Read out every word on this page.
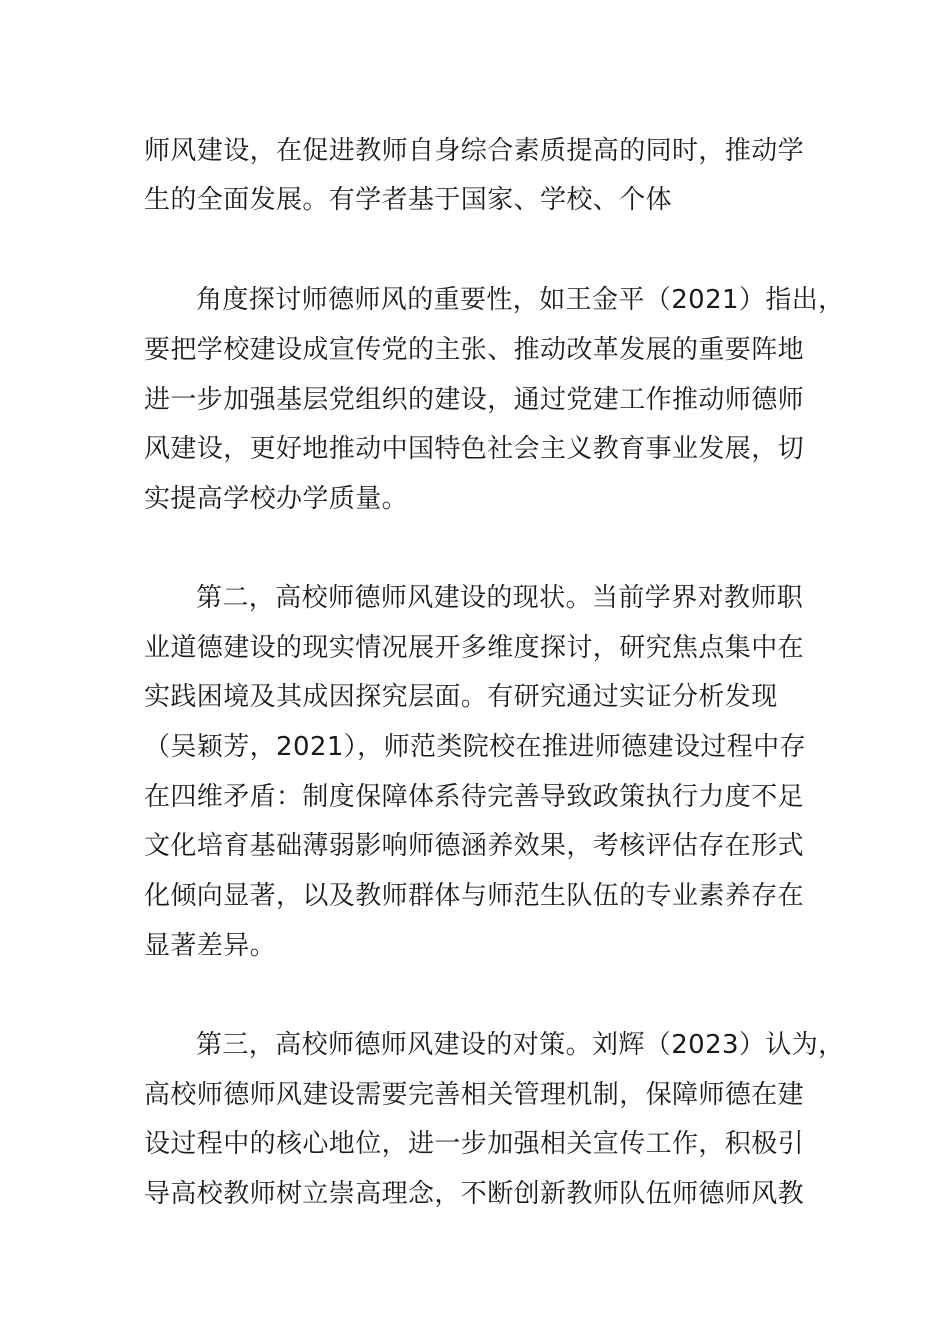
师风建设，在促进教师自身综合素质提高的同时，推动学

生的全面发展。有学者基于国家、学校、个体

角度探讨师德师风的重要性，如王金平（2021）指出，

要把学校建设成宣传党的主张、推动改革发展的重要阵地

进一步加强基层党组织的建设，通过党建工作推动师德师

风建设，更好地推动中国特色社会主义教育事业发展，切

实提高学校办学质量。

第二，高校师德师风建设的现状。当前学界对教师职

业道德建设的现实情况展开多维度探讨，研究焦点集中在

实践困境及其成因探究层面。有研究通过实证分析发现

（吴颖芳，2021），师范类院校在推进师德建设过程中存

在四维矛盾：制度保障体系待完善导致政策执行力度不足

文化培育基础薄弱影响师德涵养效果，考核评估存在形式

化倾向显著，以及教师群体与师范生队伍的专业素养存在

显著差异。

第三，高校师德师风建设的对策。刘辉（2023）认为，

高校师德师风建设需要完善相关管理机制，保障师德在建

设过程中的核心地位，进一步加强相关宣传工作，积极引

导高校教师树立崇高理念，不断创新教师队伍师德师风教
